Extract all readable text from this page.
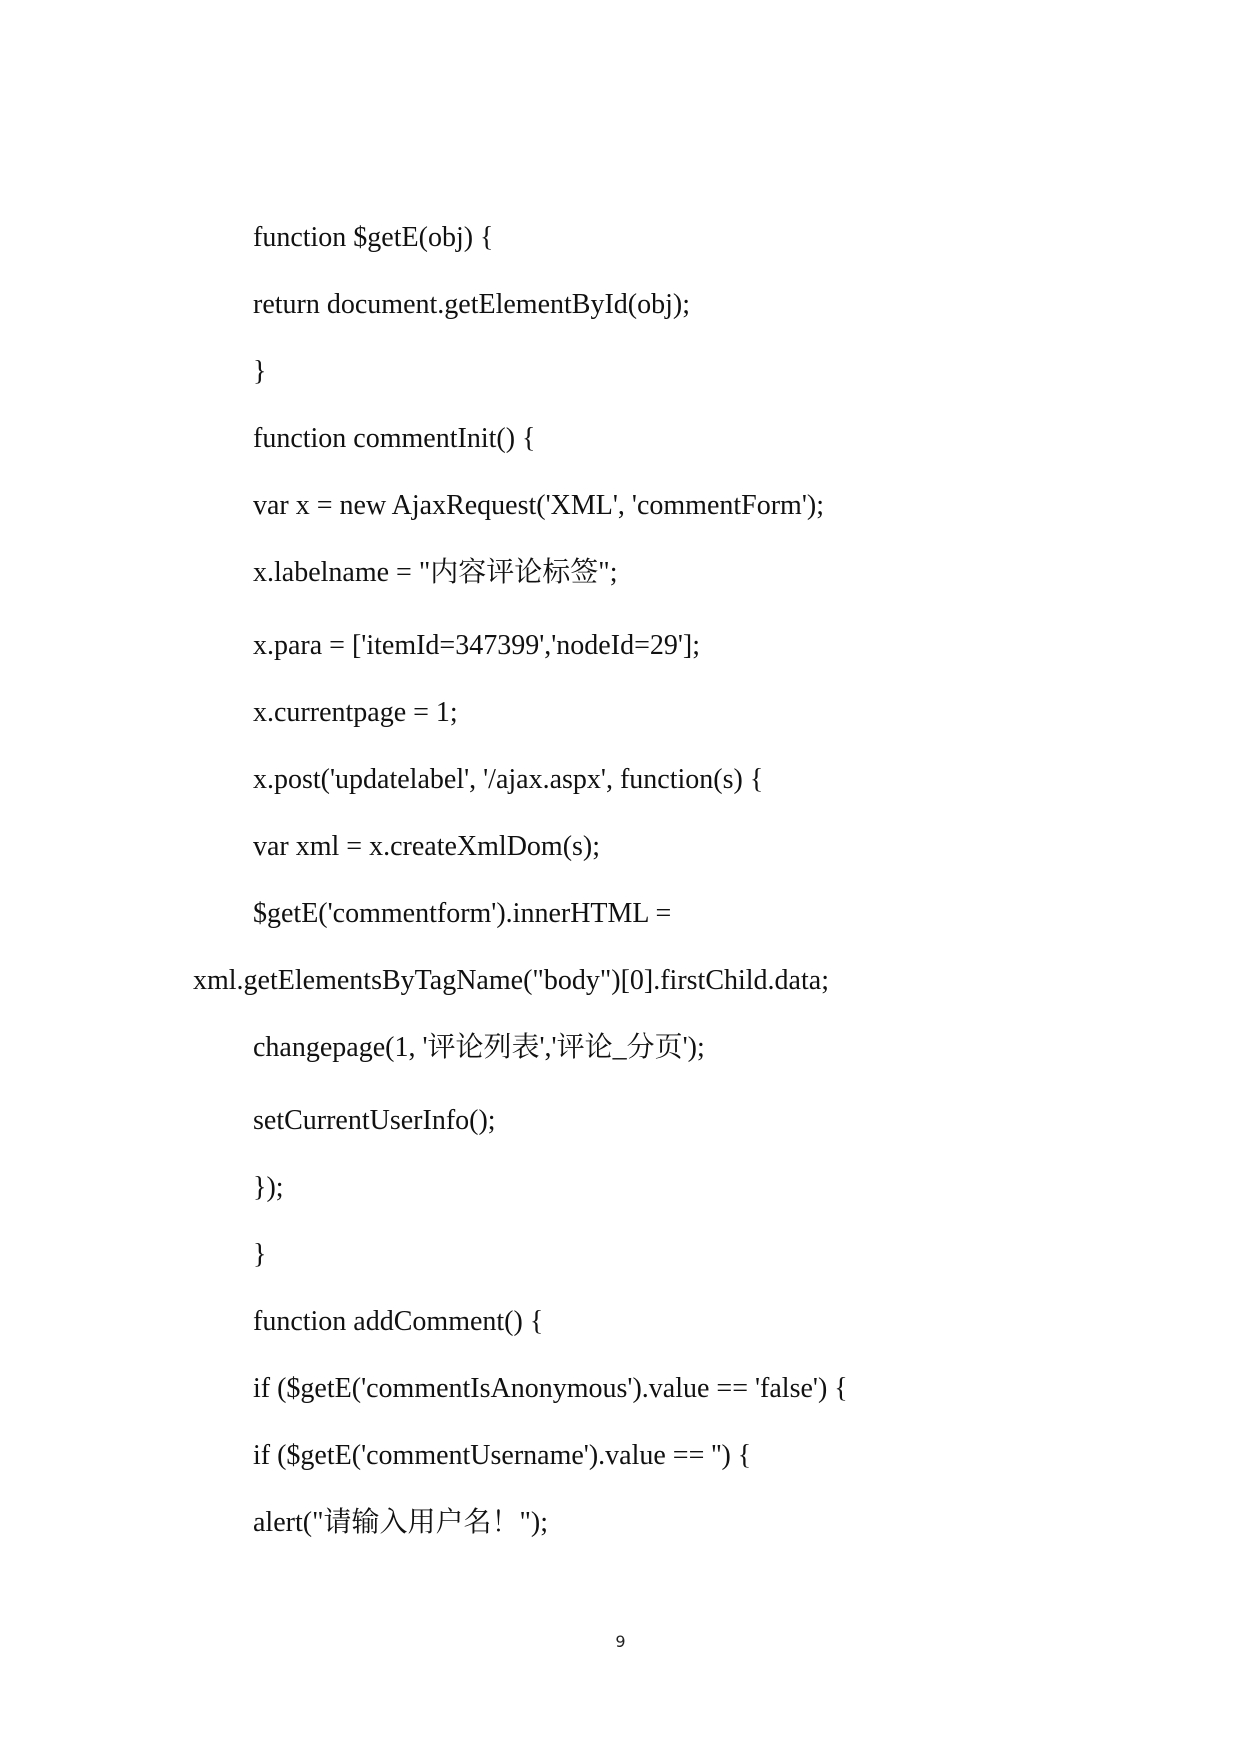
function $getE(obj) {
return document.getElementById(obj);
}
function commentInit() {
var x = new AjaxRequest('XML', 'commentForm');
x.labelname = "内容评论标签";
x.para = ['itemId=347399','nodeId=29'];
x.currentpage = 1;
x.post('updatelabel', '/ajax.aspx', function(s) {
var xml = x.createXmlDom(s);
$getE('commentform').innerHTML =
xml.getElementsByTagName("body")[0].firstChild.data;
changepage(1, '评论列表','评论_分页');
setCurrentUserInfo();
});
}
function addComment() {
if ($getE('commentIsAnonymous').value == 'false') {
if ($getE('commentUsername').value == '') {
alert("请输入用户名！");
9
